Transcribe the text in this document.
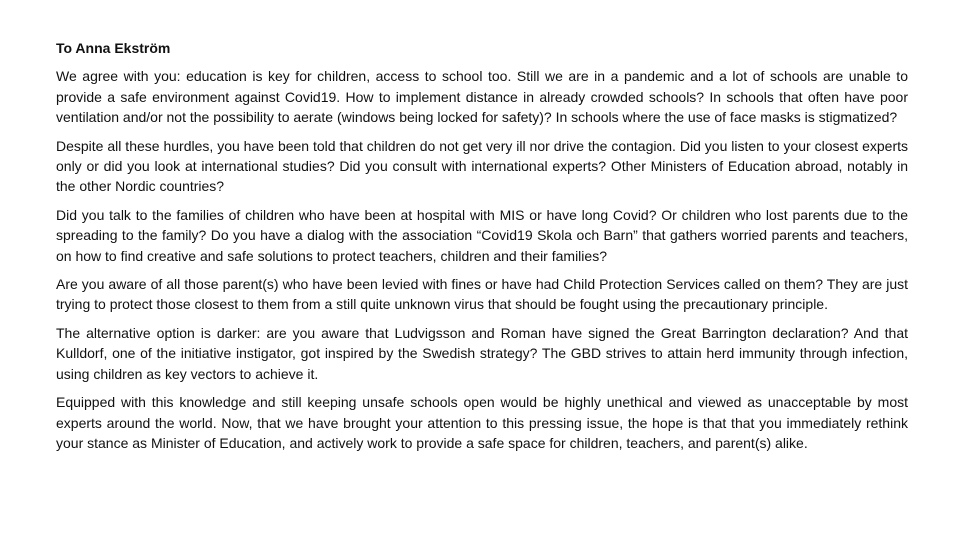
To Anna Ekström

We agree with you: education is key for children, access to school too. Still we are in a pandemic and a lot of schools are unable to provide a safe environment against Covid19. How to implement distance in already crowded schools? In schools that often have poor ventilation and/or not the possibility to aerate (windows being locked for safety)? In schools where the use of face masks is stigmatized?

Despite all these hurdles, you have been told that children do not get very ill nor drive the contagion. Did you listen to your closest experts only or did you look at international studies? Did you consult with international experts? Other Ministers of Education abroad, notably in the other Nordic countries?

Did you talk to the families of children who have been at hospital with MIS or have long Covid? Or children who lost parents due to the spreading to the family? Do you have a dialog with the association “Covid19 Skola och Barn” that gathers worried parents and teachers, on how to find creative and safe solutions to protect teachers, children and their families?

Are you aware of all those parent(s) who have been levied with fines or have had Child Protection Services called on them? They are just trying to protect those closest to them from a still quite unknown virus that should be fought using the precautionary principle.

The alternative option is darker: are you aware that Ludvigsson and Roman have signed the Great Barrington declaration? And that Kulldorf, one of the initiative instigator, got inspired by the Swedish strategy? The GBD strives to attain herd immunity through infection, using children as key vectors to achieve it.

Equipped with this knowledge and still keeping unsafe schools open would be highly unethical and viewed as unacceptable by most experts around the world. Now, that we have brought your attention to this pressing issue, the hope is that that you immediately rethink your stance as Minister of Education, and actively work to provide a safe space for children, teachers, and parent(s) alike.
